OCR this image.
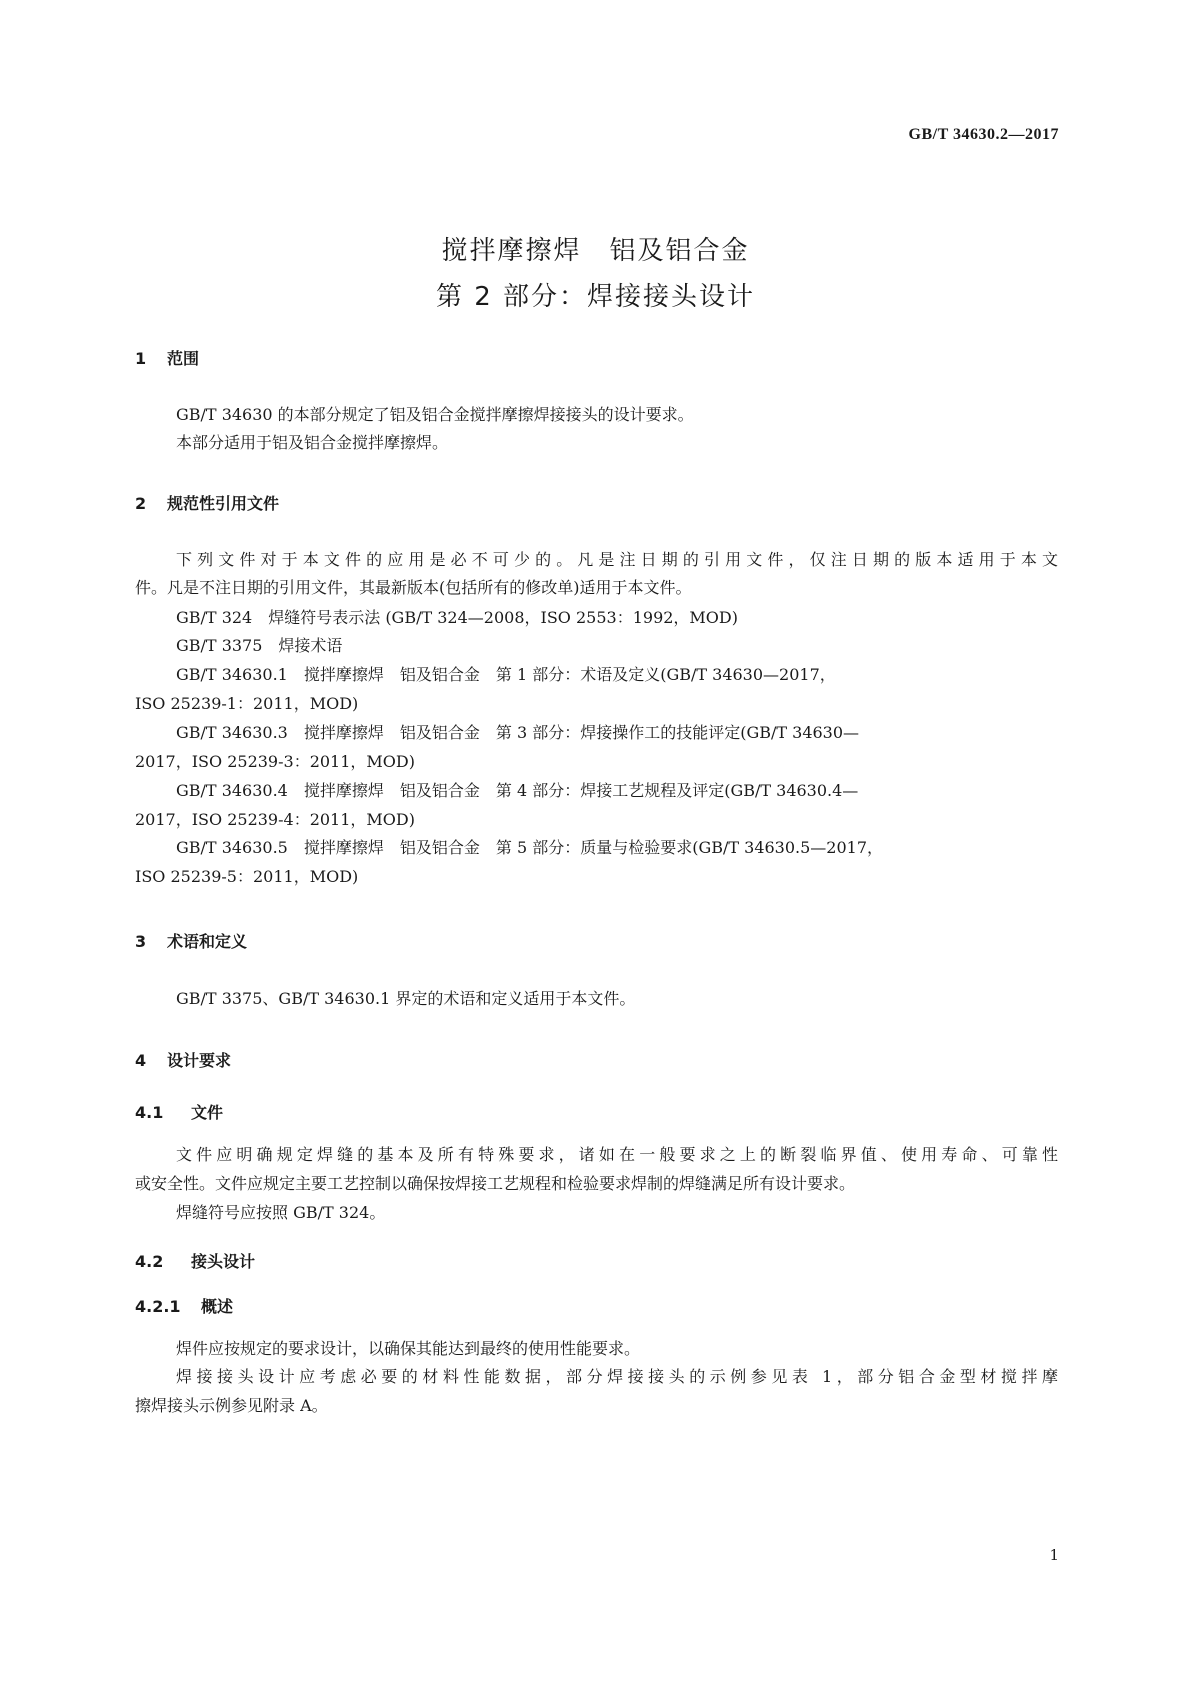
GB/T 34630.2—2017
搅拌摩擦焊　铝及铝合金
第 2 部分：焊接接头设计
1 范围
GB/T 34630 的本部分规定了铝及铝合金搅拌摩擦焊接接头的设计要求。
本部分适用于铝及铝合金搅拌摩擦焊。
2 规范性引用文件
下列文件对于本文件的应用是必不可少的。凡是注日期的引用文件，仅注日期的版本适用于本文
件。凡是不注日期的引用文件，其最新版本(包括所有的修改单)适用于本文件。
GB/T 324　焊缝符号表示法 (GB/T 324—2008，ISO 2553：1992，MOD)
GB/T 3375　焊接术语
GB/T 34630.1　搅拌摩擦焊　铝及铝合金　第 1 部分：术语及定义(GB/T 34630—2017，
ISO 25239-1：2011，MOD)
GB/T 34630.3　搅拌摩擦焊　铝及铝合金　第 3 部分：焊接操作工的技能评定(GB/T 34630—
2017，ISO 25239-3：2011，MOD)
GB/T 34630.4　搅拌摩擦焊　铝及铝合金　第 4 部分：焊接工艺规程及评定(GB/T 34630.4—
2017，ISO 25239-4：2011，MOD)
GB/T 34630.5　搅拌摩擦焊　铝及铝合金　第 5 部分：质量与检验要求(GB/T 34630.5—2017，
ISO 25239-5：2011，MOD)
3 术语和定义
GB/T 3375、GB/T 34630.1 界定的术语和定义适用于本文件。
4 设计要求
4.1 文件
文件应明确规定焊缝的基本及所有特殊要求，诸如在一般要求之上的断裂临界值、使用寿命、可靠性
或安全性。文件应规定主要工艺控制以确保按焊接工艺规程和检验要求焊制的焊缝满足所有设计要求。
焊缝符号应按照 GB/T 324。
4.2 接头设计
4.2.1 概述
焊件应按规定的要求设计，以确保其能达到最终的使用性能要求。
焊接接头设计应考虑必要的材料性能数据，部分焊接接头的示例参见表 1，部分铝合金型材搅拌摩
擦焊接头示例参见附录 A。
1
